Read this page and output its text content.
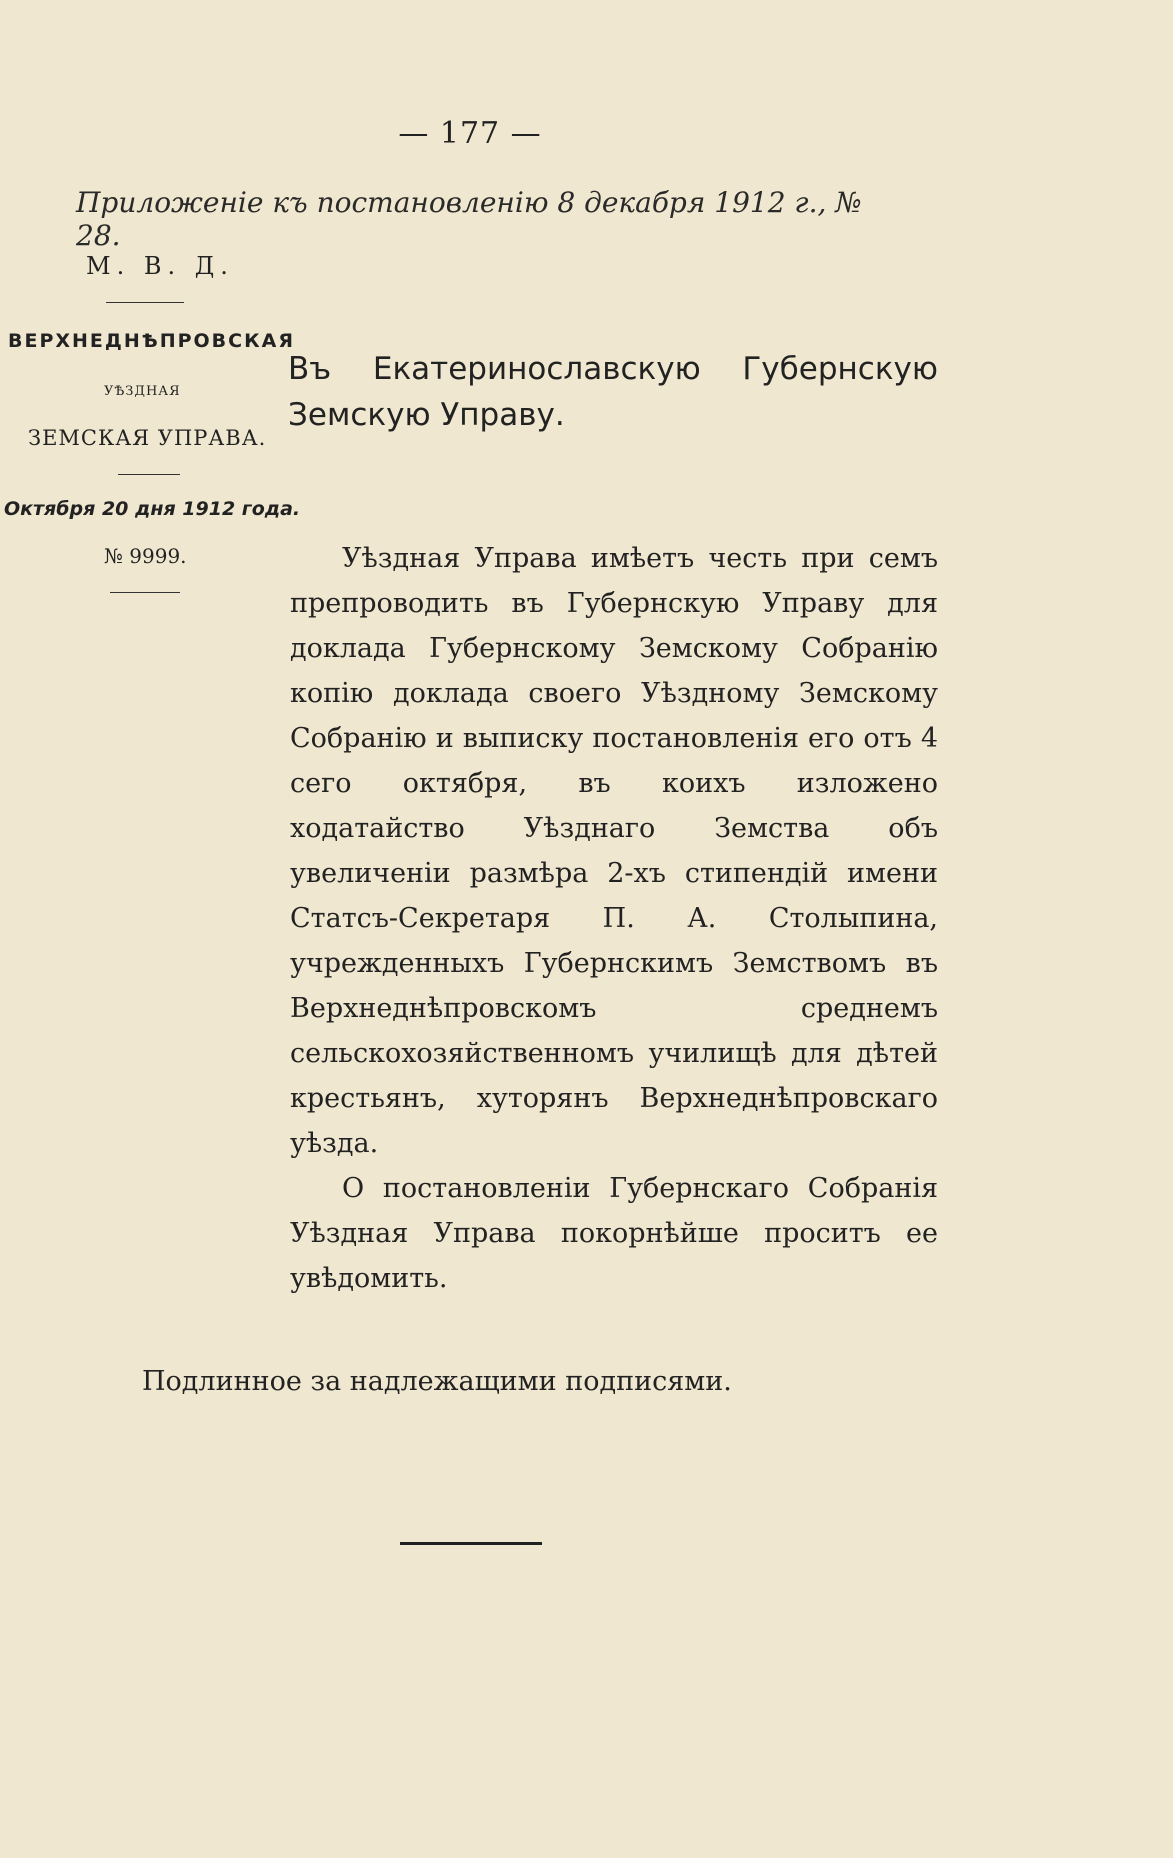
— 177 —
Приложенiе къ постановленiю 8 декабря 1912 г., № 28.
М. В. Д.
ВЕРХНЕДНѢПРОВСКАЯ
УѢЗДНАЯ
ЗЕМСКАЯ УПРАВА.
Октября 20 дня 1912 года.
№ 9999.
Въ Екатеринославскую Губернскую Земскую Управу.

Уѣздная Управа имѣетъ честь при семъ препроводить въ Губернскую Управу для доклада Губернскому Земскому Собранiю копiю доклада своего Уѣздному Земскому Собранiю и выписку постановленiя его отъ 4 сего октября, въ коихъ изложено ходатайство Уѣзднаго Земства объ увеличенiи размѣра 2-хъ стипендiй имени Статсъ-Секретаря П. А. Столыпина, учрежденныхъ Губернскимъ Земствомъ въ Верхнеднѣпровскомъ среднемъ сельскохозяйственномъ училищѣ для дѣтей крестьянъ, хуторянъ Верхнеднѣпровскаго уѣзда.

О постановленiи Губернскаго Собранiя Уѣздная Управа покорнѣйше проситъ ее увѣдомить.

Подлинное за надлежащими подписями.
